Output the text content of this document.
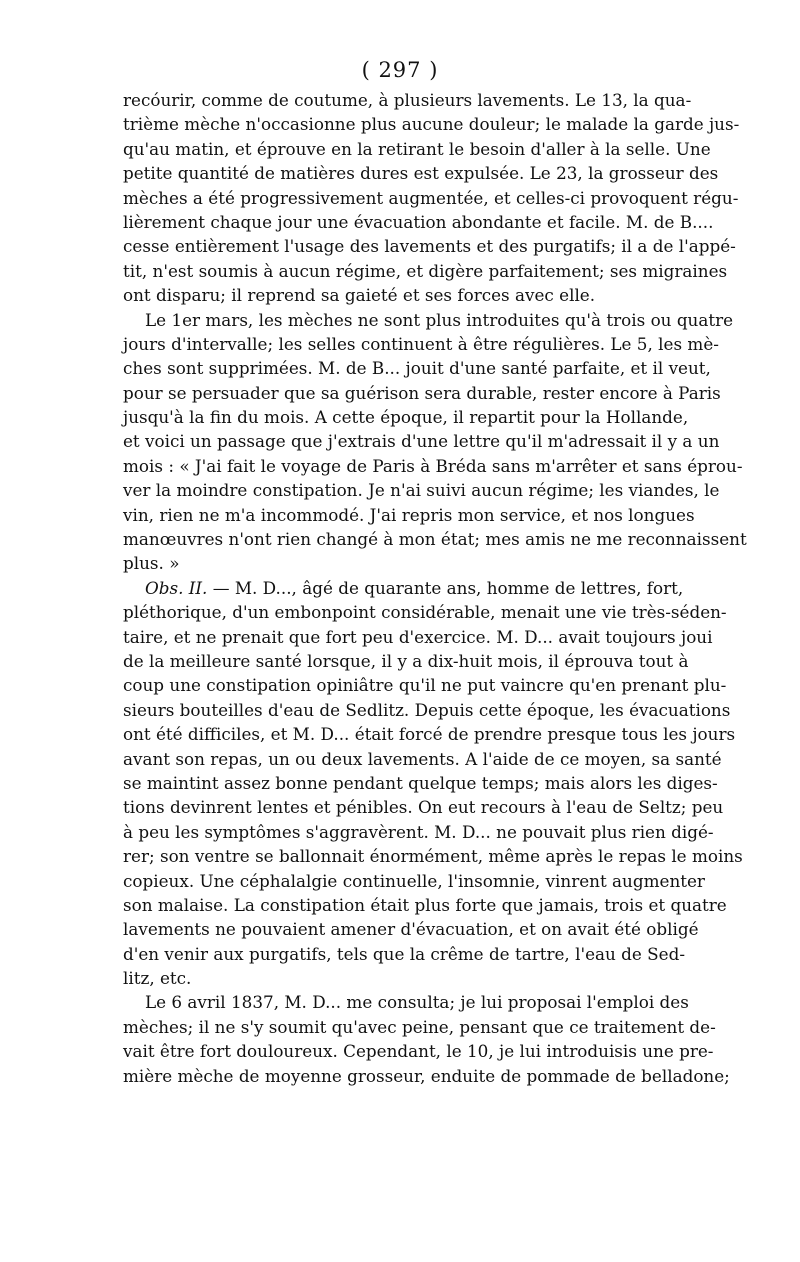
( 297 )
recóurir, comme de coutume, à plusieurs lavements. Le 13, la qua-
trième mèche n'occasionne plus aucune douleur; le malade la garde jus-
qu'au matin, et éprouve en la retirant le besoin d'aller à la selle. Une
petite quantité de matières dures est expulsée. Le 23, la grosseur des
mèches a été progressivement augmentée, et celles-ci provoquent régu-
lièrement chaque jour une évacuation abondante et facile. M. de B....
cesse entièrement l'usage des lavements et des purgatifs; il a de l'appé-
tit, n'est soumis à aucun régime, et digère parfaitement; ses migraines
ont disparu; il reprend sa gaieté et ses forces avec elle.
Le 1er mars, les mèches ne sont plus introduites qu'à trois ou quatre
jours d'intervalle; les selles continuent à être régulières. Le 5, les mè-
ches sont supprimées. M. de B... jouit d'une santé parfaite, et il veut,
pour se persuader que sa guérison sera durable, rester encore à Paris
jusqu'à la fin du mois. A cette époque, il repartit pour la Hollande,
et voici un passage que j'extrais d'une lettre qu'il m'adressait il y a un
mois : « J'ai fait le voyage de Paris à Bréda sans m'arrêter et sans éprou-
ver la moindre constipation. Je n'ai suivi aucun régime; les viandes, le
vin, rien ne m'a incommodé. J'ai repris mon service, et nos longues
manœuvres n'ont rien changé à mon état; mes amis ne me reconnaissent
plus. »
Obs. II. — M. D..., âgé de quarante ans, homme de lettres, fort,
pléthorique, d'un embonpoint considérable, menait une vie très-séden-
taire, et ne prenait que fort peu d'exercice. M. D... avait toujours joui
de la meilleure santé lorsque, il y a dix-huit mois, il éprouva tout à
coup une constipation opiniâtre qu'il ne put vaincre qu'en prenant plu-
sieurs bouteilles d'eau de Sedlitz. Depuis cette époque, les évacuations
ont été difficiles, et M. D... était forcé de prendre presque tous les jours
avant son repas, un ou deux lavements. A l'aide de ce moyen, sa santé
se maintint assez bonne pendant quelque temps; mais alors les diges-
tions devinrent lentes et pénibles. On eut recours à l'eau de Seltz; peu
à peu les symptômes s'aggravèrent. M. D... ne pouvait plus rien digé-
rer; son ventre se ballonnait énormément, même après le repas le moins
copieux. Une céphalalgie continuelle, l'insomnie, vinrent augmenter
son malaise. La constipation était plus forte que jamais, trois et quatre
lavements ne pouvaient amener d'évacuation, et on avait été obligé
d'en venir aux purgatifs, tels que la crême de tartre, l'eau de Sed-
litz, etc.
Le 6 avril 1837, M. D... me consulta; je lui proposai l'emploi des
mèches; il ne s'y soumit qu'avec peine, pensant que ce traitement de-
vait être fort douloureux. Cependant, le 10, je lui introduisis une pre-
mière mèche de moyenne grosseur, enduite de pommade de belladone;
